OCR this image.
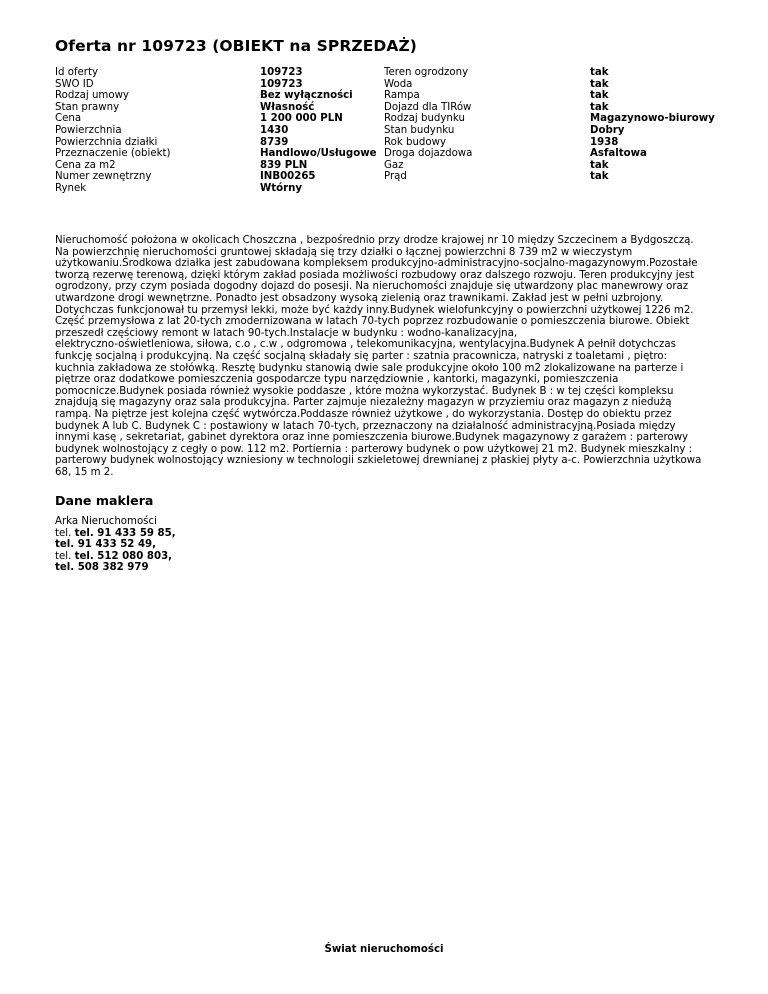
Oferta nr 109723 (OBIEKT na SPRZEDAŻ)
Id oferty
SWO ID
Rodzaj umowy
Stan prawny
Cena
Powierzchnia
Powierzchnia działki
Przeznaczenie (obiekt)
Cena za m2
Numer zewnętrzny
Rynek
109723
109723
Bez wyłączności
Własność
1 200 000 PLN
1430
8739
Handlowo/Usługowe
839 PLN
INB00265
Wtórny
Teren ogrodzony
Woda
Rampa
Dojazd dla TIRów
Rodzaj budynku
Stan budynku
Rok budowy
Droga dojazdowa
Gaz
Prąd
tak
tak
tak
tak
Magazynowo-biurowy
Dobry
1938
Asfaltowa
tak
tak
Nieruchomość położona w okolicach Choszczna , bezpośrednio przy drodze krajowej nr 10 między Szczecinem a Bydgoszczą.
Na powierzchnię nieruchomości gruntowej składają się trzy działki o łącznej powierzchni 8 739 m2 w wieczystym
użytkowaniu.Środkowa działka jest zabudowana kompleksem produkcyjno-administracyjno-socjalno-magazynowym.Pozostałe
tworzą rezerwę terenową, dzięki którym zakład posiada możliwości rozbudowy oraz dalszego rozwoju. Teren produkcyjny jest
ogrodzony, przy czym posiada dogodny dojazd do posesji. Na nieruchomości znajduje się utwardzony plac manewrowy oraz
utwardzone drogi wewnętrzne. Ponadto jest obsadzony wysoką zielenią oraz trawnikami. Zakład jest w pełni uzbrojony.
Dotychczas funkcjonował tu przemysł lekki, może być każdy inny.Budynek wielofunkcyjny o powierzchni użytkowej 1226 m2.
Część przemysłowa z lat 20-tych zmodernizowana w latach 70-tych poprzez rozbudowanie o pomieszczenia biurowe. Obiekt
przeszedł częściowy remont w latach 90-tych.Instalacje w budynku : wodno-kanalizacyjna,
elektryczno-oświetleniowa, siłowa, c.o , c.w , odgromowa , telekomunikacyjna, wentylacyjna.Budynek A pełnił dotychczas
funkcję socjalną i produkcyjną. Na część socjalną składały się parter : szatnia pracownicza, natryski z toaletami , piętro:
kuchnia zakładowa ze stołówką. Resztę budynku stanowią dwie sale produkcyjne około 100 m2 zlokalizowane na parterze i
piętrze oraz dodatkowe pomieszczenia gospodarcze typu narzędziownie , kantorki, magazynki, pomieszczenia
pomocnicze.Budynek posiada również wysokie poddasze , które można wykorzystać. Budynek B : w tej części kompleksu
znajdują się magazyny oraz sala produkcyjna. Parter zajmuje niezależny magazyn w przyziemiu oraz magazyn z niedużą
rampą. Na piętrze jest kolejna część wytwórcza.Poddasze również użytkowe , do wykorzystania. Dostęp do obiektu przez
budynek A lub C. Budynek C : postawiony w latach 70-tych, przeznaczony na działalność administracyjną.Posiada między
innymi kasę , sekretariat, gabinet dyrektora oraz inne pomieszczenia biurowe.Budynek magazynowy z garażem : parterowy
budynek wolnostojący z cegły o pow. 112 m2. Portiernia : parterowy budynek o pow użytkowej 21 m2. Budynek mieszkalny :
parterowy budynek wolnostojący wzniesiony w technologii szkieletowej drewnianej z płaskiej płyty a-c. Powierzchnia użytkowa
68, 15 m 2.
Dane maklera
Arka Nieruchomości
tel. tel. 91 433 59 85,
tel. 91 433 52 49,
tel. tel. 512 080 803,
tel. 508 382 979
Świat nieruchomości
